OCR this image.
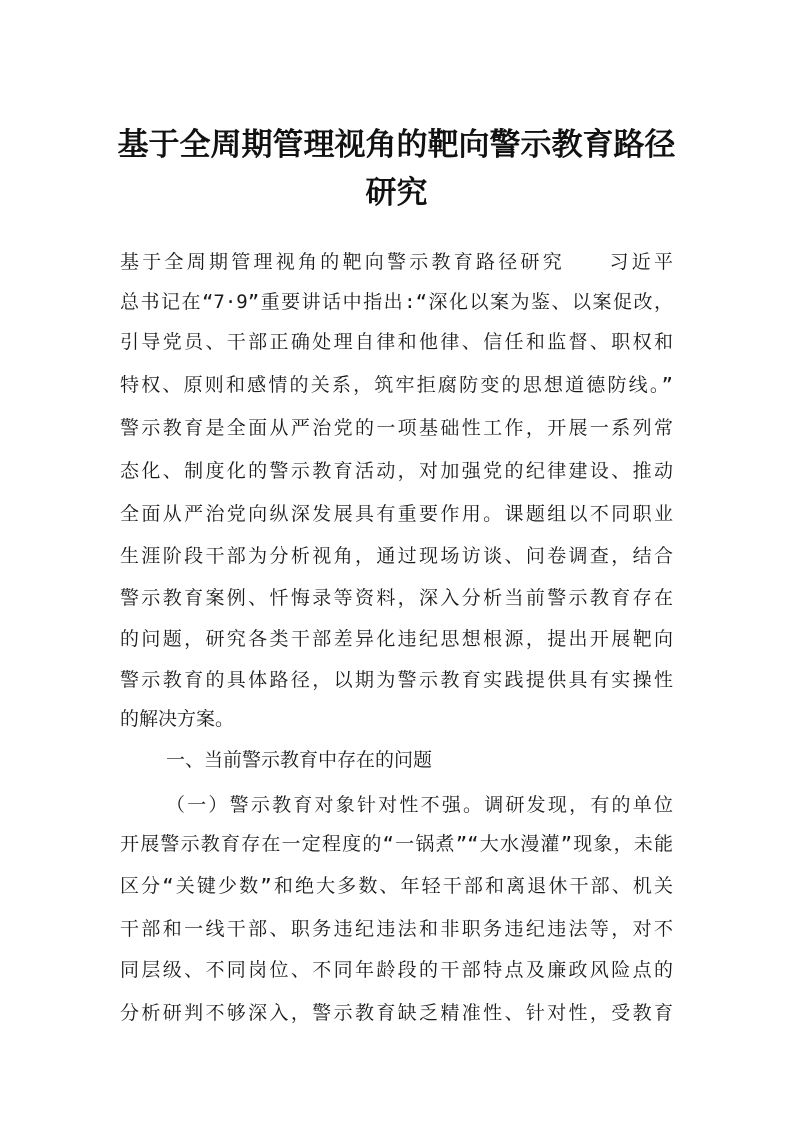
基于全周期管理视角的靶向警示教育路径
研究
基于全周期管理视角的靶向警示教育路径研究　　习近平
总书记在“7·9”重要讲话中指出:“深化以案为鉴、以案促改，
引导党员、干部正确处理自律和他律、信任和监督、职权和
特权、原则和感情的关系，筑牢拒腐防变的思想道德防线。”
警示教育是全面从严治党的一项基础性工作，开展一系列常
态化、制度化的警示教育活动，对加强党的纪律建设、推动
全面从严治党向纵深发展具有重要作用。课题组以不同职业
生涯阶段干部为分析视角，通过现场访谈、问卷调查，结合
警示教育案例、忏悔录等资料，深入分析当前警示教育存在
的问题，研究各类干部差异化违纪思想根源，提出开展靶向
警示教育的具体路径，以期为警示教育实践提供具有实操性
的解决方案。
一、当前警示教育中存在的问题
（一）警示教育对象针对性不强。调研发现，有的单位
开展警示教育存在一定程度的“一锅煮”“大水漫灌”现象，未能
区分“关键少数”和绝大多数、年轻干部和离退休干部、机关
干部和一线干部、职务违纪违法和非职务违纪违法等，对不
同层级、不同岗位、不同年龄段的干部特点及廉政风险点的
分析研判不够深入，警示教育缺乏精准性、针对性，受教育
